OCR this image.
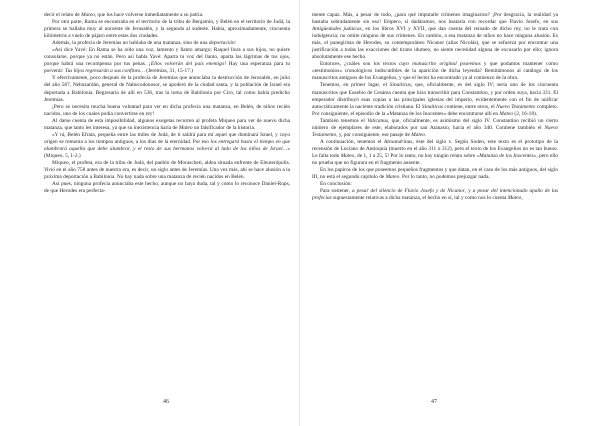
decir el relato de Mateo, que los hace volverse inmediatamente a su patria.

Por otra parte, Rama se encontraba en el territorio de la tribu de Benjamín, y Belén en el territorio de Judá; la primera se hallaba muy al noroeste de Jerusalén, y la segunda al sudeste. Había, aproximadamente, cincuenta kilómetros a vuelo de pájaro entre estas dos ciudades.

Además, la profecía de Jeremías no hablaba de una matanza, sino de una deportación:

«Así dice Yavé: En Rama se ha oído una voz, lamento y llanto amargo; Raquel llora a sus hijos, no quiere consolarse, porque ya no están. Pero así habla Yavé: Aparta tu voz del llanto, aparta las lágrimas de tus ojos, porque habrá una recompensa por tus penas. ¡Ellos volverán del país enemigo! Hay una esperanza para tu porvenir: Tus hijos regresarán a sus confines… (Jeremías, 31, 15-17.)

Y efectivamente, poco después de la profecía de Jeremías que anunciaba la destrucción de Jerusalén, en julio del año 587, Nebuzardán, general de Nabucodonosor, se apoderó de la ciudad santa, y la población de Israel era deportada a Babilonia. Regresaría de allí en 536, tras la toma de Babilonia por Ciro, tal como había predicho Jeremías.

¡Pero se necesita mucha buena voluntad para ver en dicha profecía una matanza, en Belén, de niños recién nacidos, uno de los cuales podía convertirse en rey!

Al darse cuenta de esta imposibilidad, algunos exegetas recurren al profeta Miqueo para ver de nuevo dicha matanza, que tanto les interesa, ya que su inexistencia haría de Mateo un falsificador de la historia.

«Y tú, Belén Efrata, pequeña entre las miles de Judá, de ti saldrá para mí aquel que dominará Israel, y cuyo origen se remonta a los tiempos antiguos, a los días de la eternidad. Por eso los entregará hasta el tiempo en que alumbrará aquella que debe alumbrar, y el resto de sus hermanos volverá al lado de los niños de Israel…» (Miqueo, 5, 1-2.)

Miqueo, el profeta, era de la tribu de Judá, del pueblo de Morascheti, aldea situada enfrente de Eleuterópolis. Vivió en el año 758 antes de nuestra era, es decir, un siglo antes de Jeremías. Una vez más, ahí se hace alusión a la próxima deportación a Babilonia. No hay nada sobre una matanza de recién nacidos en Belén.

Así pues, ninguna profecía anunciaba este hecho, aunque no haya duda, tal y como lo reconoce Daniel-Rops, de que Herodes era perfecta-

mente capaz. Más, a pesar de todo, ¿para qué imputarle crímenes imaginarios? ¡Por desgracia, la realidad ya bastaba sobradamente sin eso! Empero, si dudáramos, nos bastaría con recordar que Flavio Josefo, en sus Antigüedades judaicas, en los libros XVI y XVII, que dan cuenta del reinado de dicho rey, no le trata con indulgencia; no omite ninguno de sus crímenes. En cambio, a esa matanza de niños no hace ninguna alusión. Es más, el panegirista de Herodes, su contemporáneo Nicanor (alias Nicolás), que se esfuerza por encontrar una justificación a todas las exacciones del tirano idumeo, no siente necesidad alguna de excusarlo por ello; ignora absolutamente ese hecho.

Entonces, ¿cuáles son los textos cuyo manuscrito original poseemos y que podamos mantener como «testimonios» cronológicos indiscutibles de la aparición de dicha leyenda? Remitámonos al catálogo de los manuscritos antiguos de los Evangelios, y que el lector ha encontrado ya al comienzo de la obra.

Tenemos, en primer lugar, el Sinaiticus, que, oficialmente, es del siglo IV; sería uno de los cincuenta manuscritos que Eusebio de Cesárea cuenta que hizo transcribir para Constantino, y por orden suya, hacia 331. El emperador distribuyó esas copias a las principales iglesias del imperio, evidentemente con el fin de unificar autocráticamente la naciente tradición cristiana. El Sinaiticus contiene, entre otros, el Nuevo Testamento completo. Por consiguiente, el episodio de la «Matanza de los Inocentes» debe encontrarse allí en Mateo (2, 16-18).

También tenemos el Vaticanus, que, oficialmente, es asimismo del siglo IV. Constantino recibió un cierto número de ejemplares de este, elaborados por san Atanasio, hacia el año 340. Contiene también el Nuevo Testamento, y, por consiguiente, ese pasaje de Mateo.

A continuación, tenemos el Alexandrinus, éste del siglo v. Según Soden, este texto es el prototipo de la recensión de Luciano de Antioquía (muerto en el año 311 o 312), pero el texto de los Evangelios no es tan bueno. Le falta todo Mateo, de 1, 1 a 25, 5! Por lo tanto, no hay ningún relato sobre «Matanza de los Inocentes», pero ello no prueba que no figurara en el fragmento ausente.

En los papiros de los que poseemos pequeños fragmentos y que datan, en el caso de los más antiguos, del siglo III, no está el segundo capítulo de Mateo. Por lo tanto, no podemos prejuzgar nada.

En conclusión:

Para sostener, a pesar del silencio de Flavio Josefo y de Nicanor, y a pesar del intencionado apaño de las profecías supuestamente relativas a dicha matanza, el hecho en sí, tal y como nos lo cuenta Mateo,

46	47
